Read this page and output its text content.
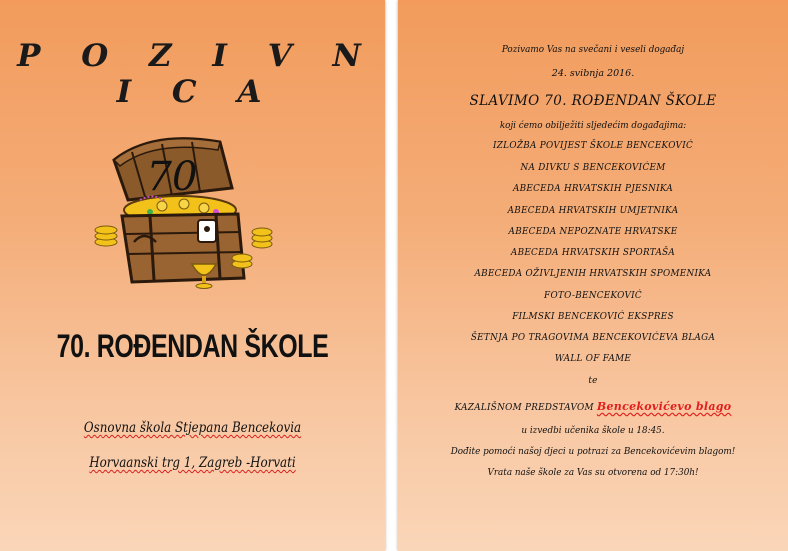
P O Z I V N I C A
70
70. ROĐENDAN ŠKOLE
Osnovna škola Stjepana Bencekovia
Horvaanski trg 1, Zagreb -Horvati
Pozivamo Vas na svečani i veseli događaj
24. svibnja 2016.
SLAVIMO 70. ROĐENDAN ŠKOLE
koji ćemo obilježiti sljedećim događajima:
IZLOŽBA POVIJEST ŠKOLE BENCEKOVIĆ
NA DIVKU S BENCEKOVIĆEM
ABECEDA HRVATSKIH PJESNIKA
ABECEDA HRVATSKIH UMJETNIKA
ABECEDA NEPOZNATE HRVATSKE
ABECEDA HRVATSKIH SPORTAŠA
ABECEDA OŽIVLJENIH HRVATSKIH SPOMENIKA
FOTO-BENCEKOVIĆ
FILMSKI BENCEKOVIĆ EKSPRES
ŠETNJA PO TRAGOVIMA BENCEKOVIĆEVA BLAGA
WALL OF FAME
te
KAZALIŠNOM PREDSTAVOM Bencekovićevo blago
u izvedbi učenika škole u 18:45.
Dođite pomoći našoj djeci u potrazi za Bencekovićevim blagom!
Vrata naše škole za Vas su otvorena od 17:30h!
